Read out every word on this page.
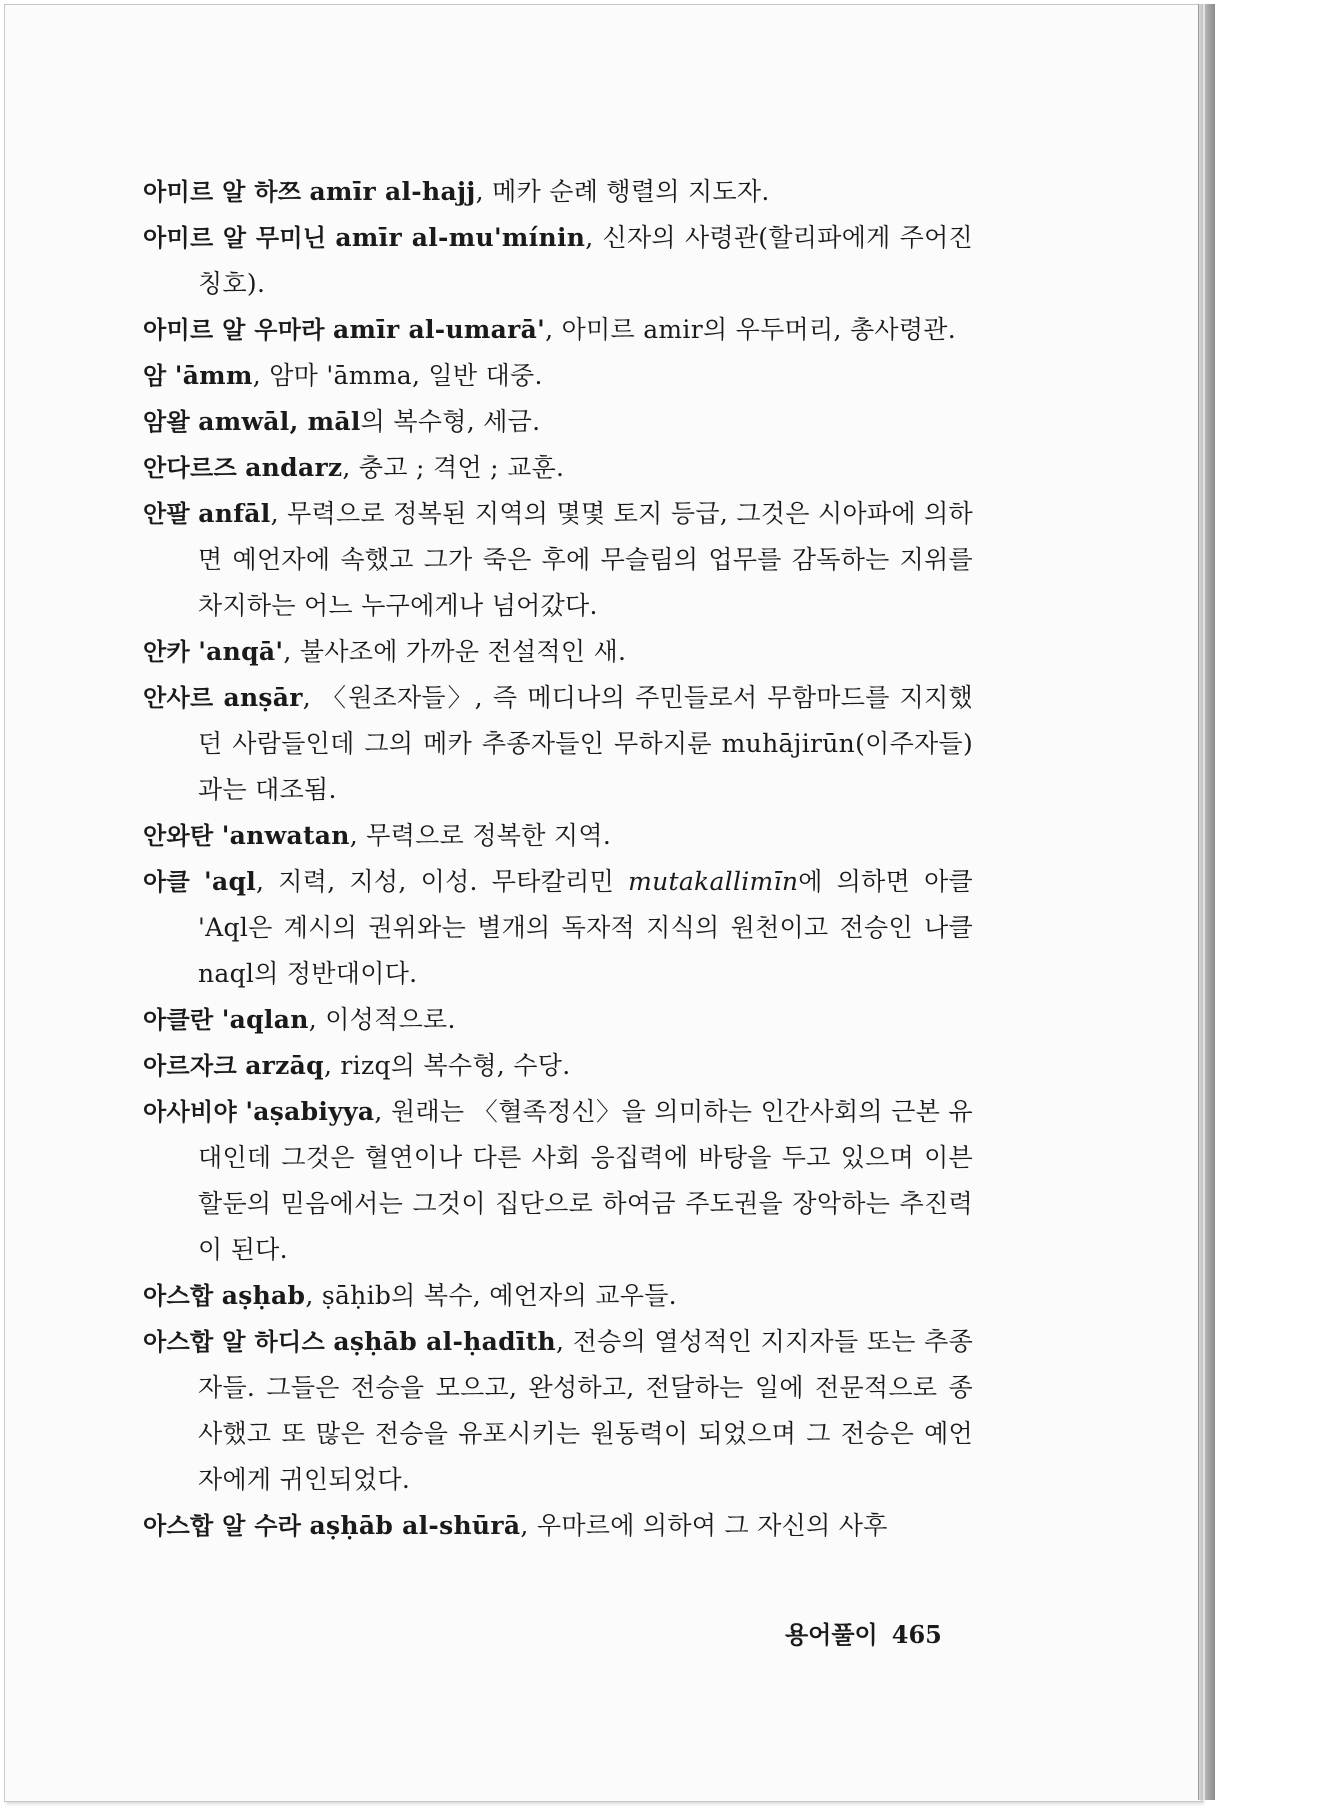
아미르 알 하쯔 amīr al-hajj, 메카 순례 행렬의 지도자.

아미르 알 무미닌 amīr al-mu'mínin, 신자의 사령관(할리파에게 주어진 칭호).

아미르 알 우마라 amīr al-umarā', 아미르 amir의 우두머리, 총사령관.

암 'āmm, 암마 'āmma, 일반 대중.

암왈 amwāl, māl의 복수형, 세금.

안다르즈 andarz, 충고 ; 격언 ; 교훈.

안팔 anfāl, 무력으로 정복된 지역의 몇몇 토지 등급, 그것은 시아파에 의하면 예언자에 속했고 그가 죽은 후에 무슬림의 업무를 감독하는 지위를 차지하는 어느 누구에게나 넘어갔다.

안카 'anqā', 불사조에 가까운 전설적인 새.

안사르 anṣār, 〈원조자들〉, 즉 메디나의 주민들로서 무함마드를 지지했던 사람들인데 그의 메카 추종자들인 무하지룬 muhājirūn(이주자들)과는 대조됨.

안와탄 'anwatan, 무력으로 정복한 지역.

아클 'aql, 지력, 지성, 이성. 무타칼리민 mutakallimīn에 의하면 아클 'Aql은 계시의 권위와는 별개의 독자적 지식의 원천이고 전승인 나클 naql의 정반대이다.

아클란 'aqlan, 이성적으로.

아르자크 arzāq, rizq의 복수형, 수당.

아사비야 'aṣabiyya, 원래는 〈혈족정신〉을 의미하는 인간사회의 근본 유대인데 그것은 혈연이나 다른 사회 응집력에 바탕을 두고 있으며 이븐 할둔의 믿음에서는 그것이 집단으로 하여금 주도권을 장악하는 추진력이 된다.

아스합 aṣḥab, ṣāḥib의 복수, 예언자의 교우들.

아스합 알 하디스 aṣḥāb al-ḥadīth, 전승의 열성적인 지지자들 또는 추종자들. 그들은 전승을 모으고, 완성하고, 전달하는 일에 전문적으로 종사했고 또 많은 전승을 유포시키는 원동력이 되었으며 그 전승은 예언자에게 귀인되었다.

아스합 알 수라 aṣḥāb al-shūrā, 우마르에 의하여 그 자신의 사후

용어풀이 465
